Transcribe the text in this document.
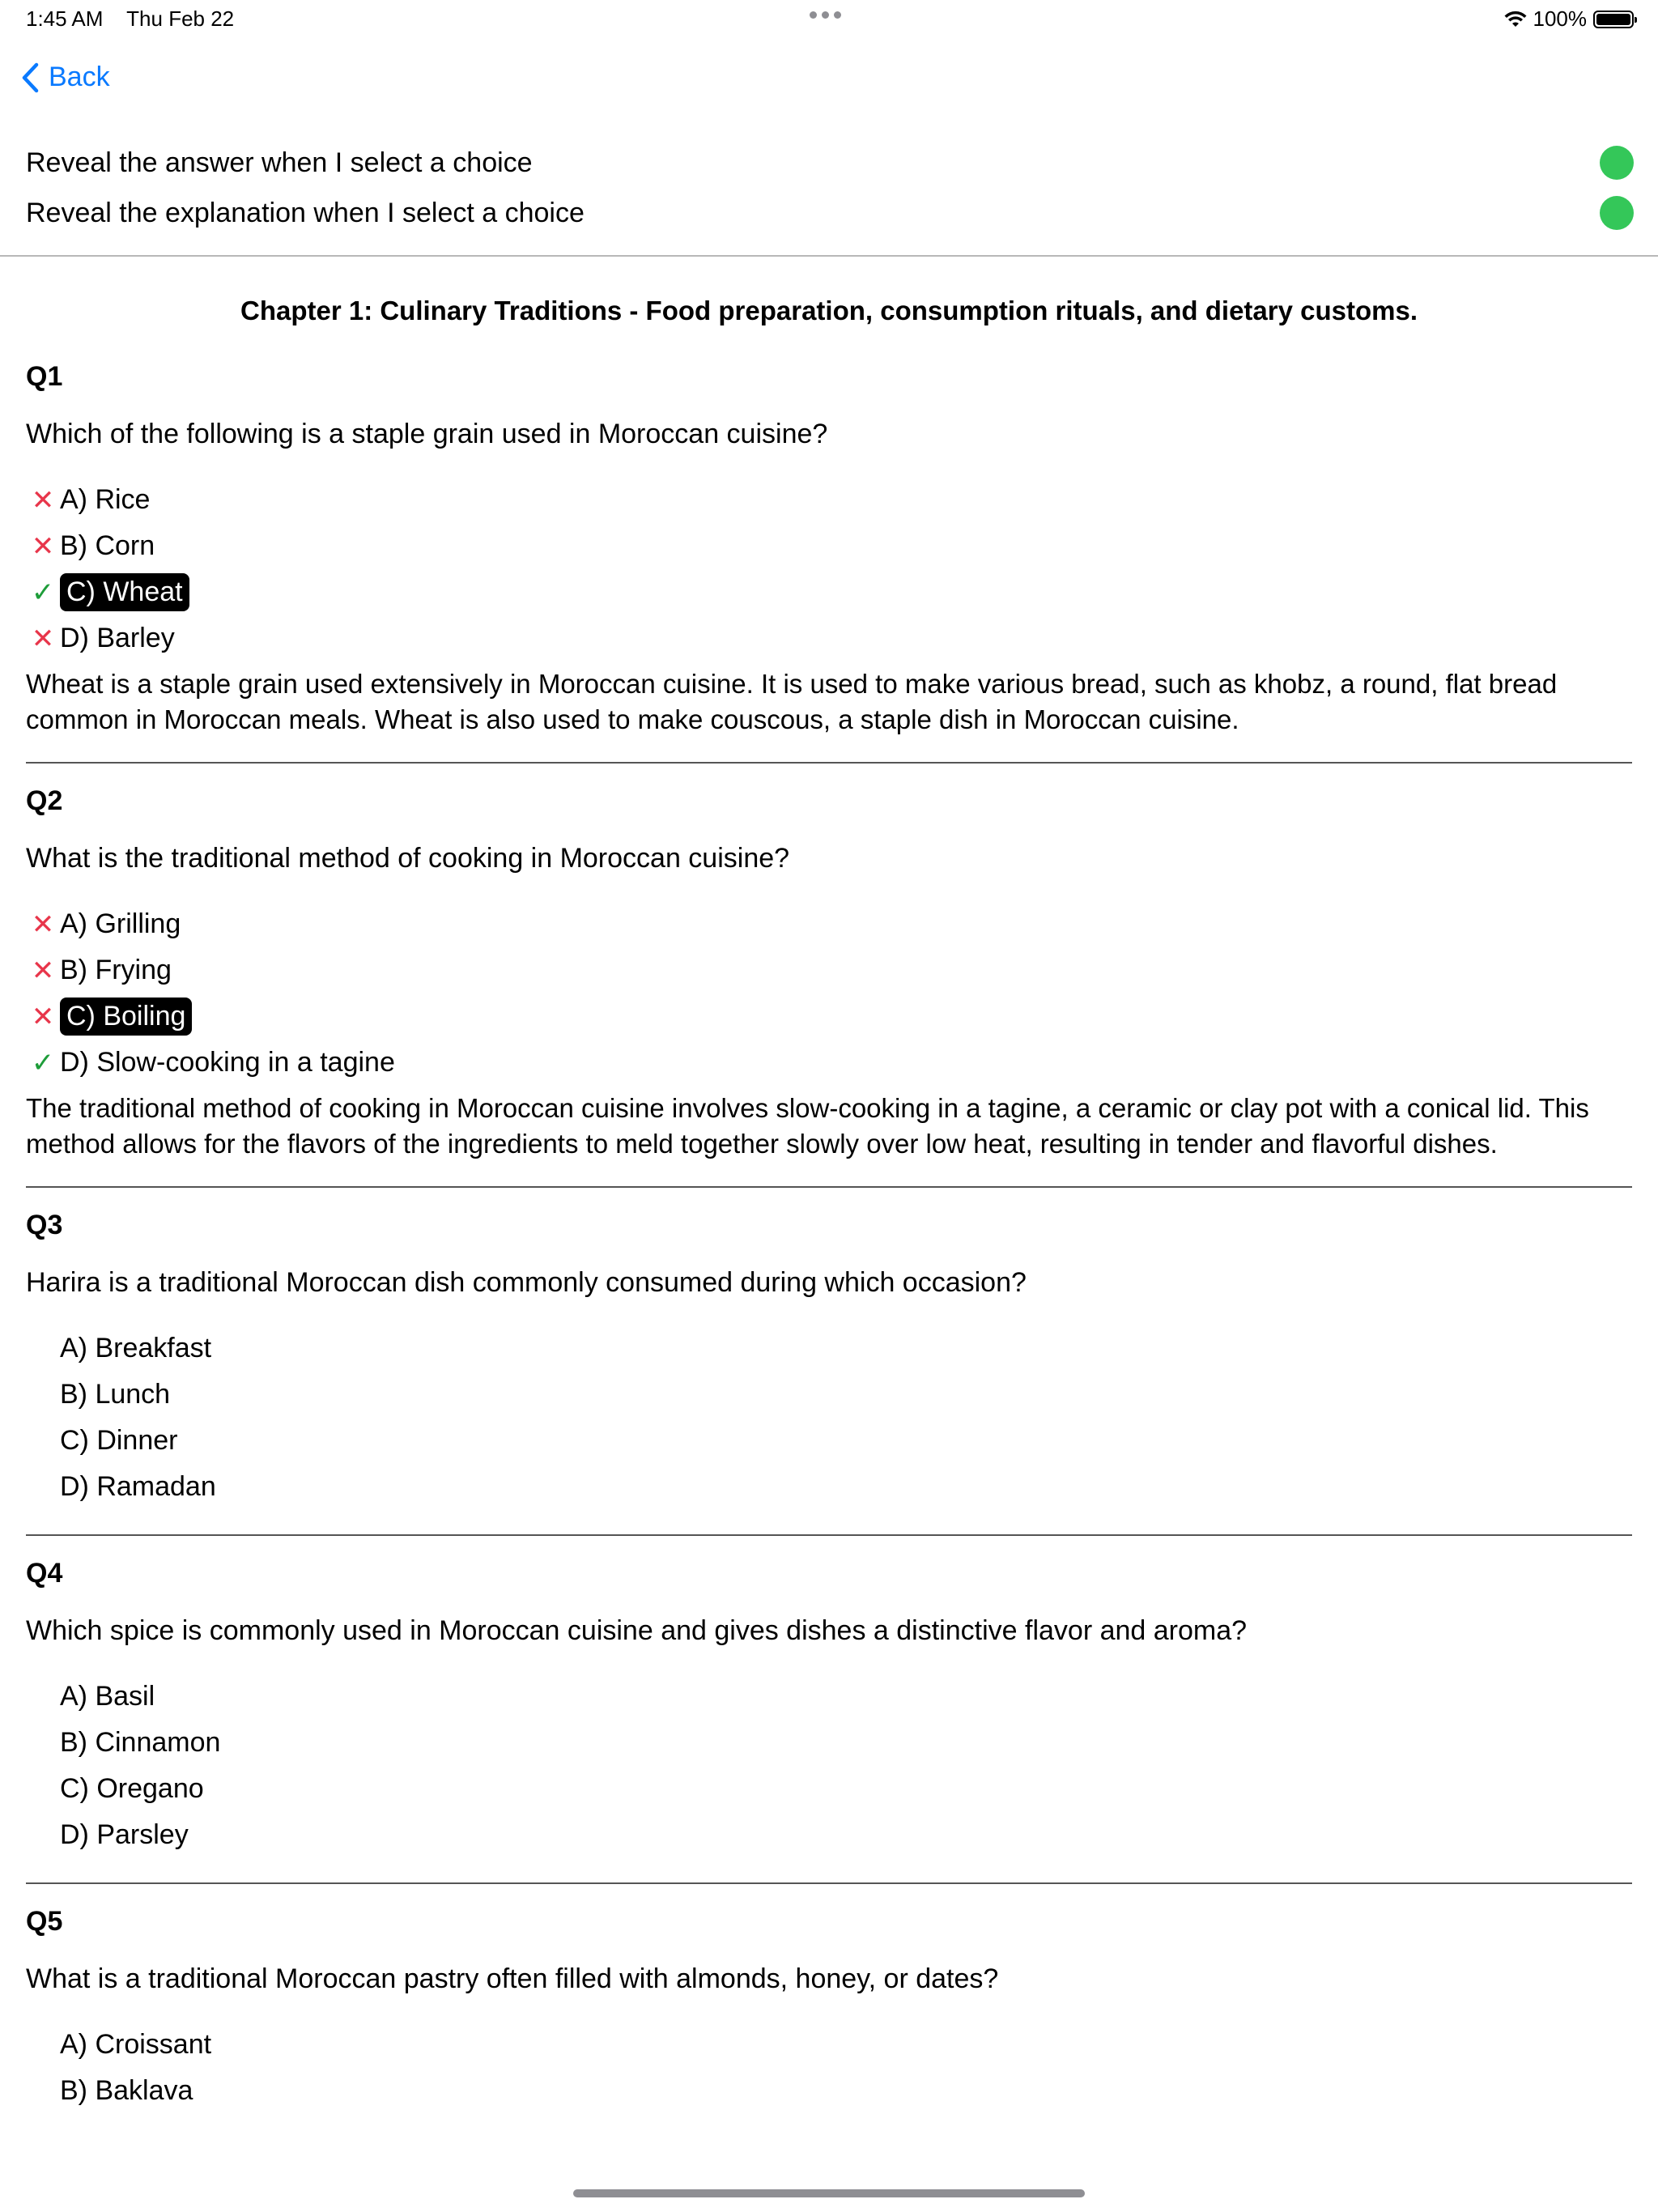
1:45 AM Thu Feb 22	100%
Back
Reveal the answer when I select a choice
Reveal the explanation when I select a choice
Chapter 1: Culinary Traditions - Food preparation, consumption rituals, and dietary customs.
Q1
Which of the following is a staple grain used in Moroccan cuisine?
✕ A) Rice
✕ B) Corn
✓ C) Wheat
✕ D) Barley
Wheat is a staple grain used extensively in Moroccan cuisine. It is used to make various bread, such as khobz, a round, flat bread common in Moroccan meals. Wheat is also used to make couscous, a staple dish in Moroccan cuisine.
Q2
What is the traditional method of cooking in Moroccan cuisine?
✕ A) Grilling
✕ B) Frying
✕ C) Boiling
✓ D) Slow-cooking in a tagine
The traditional method of cooking in Moroccan cuisine involves slow-cooking in a tagine, a ceramic or clay pot with a conical lid. This method allows for the flavors of the ingredients to meld together slowly over low heat, resulting in tender and flavorful dishes.
Q3
Harira is a traditional Moroccan dish commonly consumed during which occasion?
A) Breakfast
B) Lunch
C) Dinner
D) Ramadan
Q4
Which spice is commonly used in Moroccan cuisine and gives dishes a distinctive flavor and aroma?
A) Basil
B) Cinnamon
C) Oregano
D) Parsley
Q5
What is a traditional Moroccan pastry often filled with almonds, honey, or dates?
A) Croissant
B) Baklava
